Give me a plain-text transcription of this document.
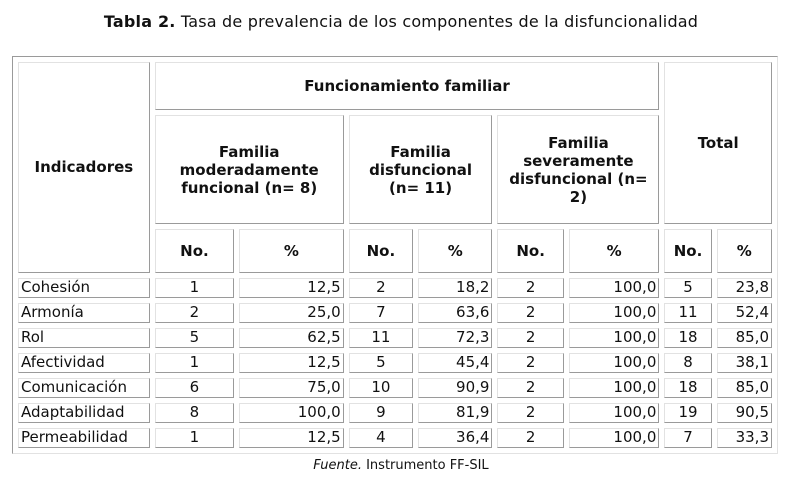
Tabla 2. Tasa de prevalencia de los componentes de la disfuncionalidad
Indicadores	Funcionamiento familiar						Total	
	Familia moderadamente funcional (n= 8)		Familia disfuncional (n= 11)		Familia severamente disfuncional (n= 2)			
	No.	%	No.	%	No.	%	No.	%
Cohesión	1	12,5	2	18,2	2	100,0	5	23,8
Armonía	2	25,0	7	63,6	2	100,0	11	52,4
Rol	5	62,5	11	72,3	2	100,0	18	85,0
Afectividad	1	12,5	5	45,4	2	100,0	8	38,1
Comunicación	6	75,0	10	90,9	2	100,0	18	85,0
Adaptabilidad	8	100,0	9	81,9	2	100,0	19	90,5
Permeabilidad	1	12,5	4	36,4	2	100,0	7	33,3
Fuente. Instrumento FF-SIL
